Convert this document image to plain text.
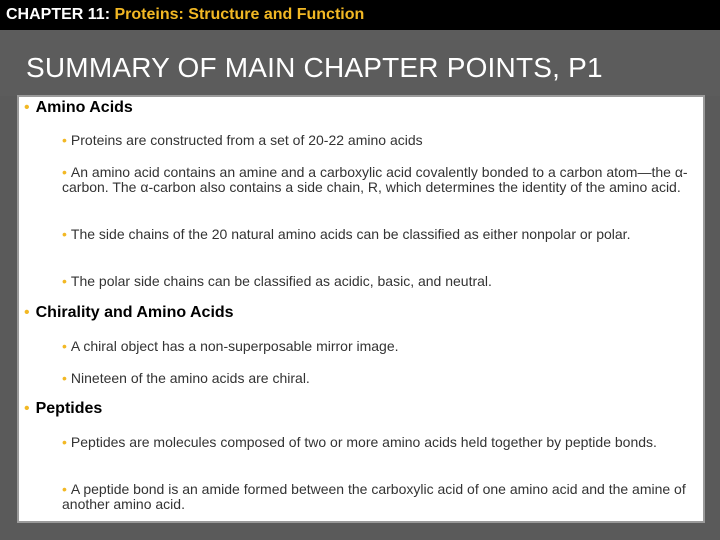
CHAPTER 11: Proteins: Structure and Function
SUMMARY OF MAIN CHAPTER POINTS, P1
• Amino Acids
• Proteins are constructed from a set of 20-22 amino acids
• An amino acid contains an amine and a carboxylic acid covalently bonded to a carbon atom—the α-carbon. The α-carbon also contains a side chain, R, which determines the identity of the amino acid.
• The side chains of the 20 natural amino acids can be classified as either nonpolar or polar.
• The polar side chains can be classified as acidic, basic, and neutral.
• Chirality and Amino Acids
• A chiral object has a non-superposable mirror image.
• Nineteen of the amino acids are chiral.
• Peptides
• Peptides are molecules composed of two or more amino acids held together by peptide bonds.
• A peptide bond is an amide formed between the carboxylic acid of one amino acid and the amine of another amino acid.
